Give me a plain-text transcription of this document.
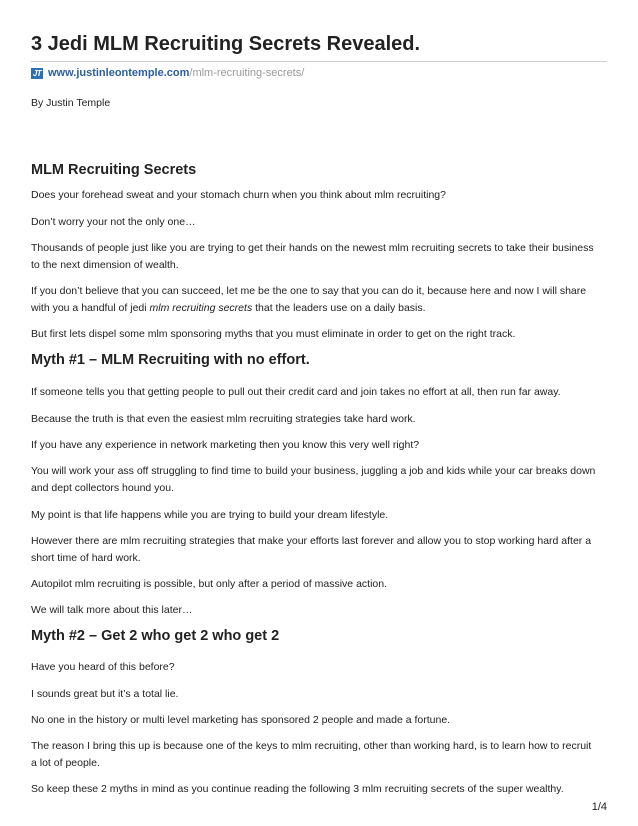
3 Jedi MLM Recruiting Secrets Revealed.
JT www.justinleontemple.com /mlm-recruiting-secrets/
By Justin Temple
MLM Recruiting Secrets

Does your forehead sweat and your stomach churn when you think about mlm recruiting?

Don’t worry your not the only one…

Thousands of people just like you are trying to get their hands on the newest mlm recruiting secrets to take their business to the next dimension of wealth.

If you don’t believe that you can succeed, let me be the one to say that you can do it, because here and now I will share with you a handful of jedi mlm recruiting secrets that the leaders use on a daily basis.

But first lets dispel some mlm sponsoring myths that you must eliminate in order to get on the right track.

Myth #1 – MLM Recruiting with no effort.

If someone tells you that getting people to pull out their credit card and join takes no effort at all, then run far away.

Because the truth is that even the easiest mlm recruiting strategies take hard work.

If you have any experience in network marketing then you know this very well right?

You will work your ass off struggling to find time to build your business, juggling a job and kids while your car breaks down and dept collectors hound you.

My point is that life happens while you are trying to build your dream lifestyle.

However there are mlm recruiting strategies that make your efforts last forever and allow you to stop working hard after a short time of hard work.

Autopilot mlm recruiting is possible, but only after a period of massive action.

We will talk more about this later…

Myth #2 – Get 2 who get 2 who get 2

Have you heard of this before?

I sounds great but it’s a total lie.

No one in the history or multi level marketing has sponsored 2 people and made a fortune.

The reason I bring this up is because one of the keys to mlm recruiting, other than working hard, is to learn how to recruit a lot of people.

So keep these 2 myths in mind as you continue reading the following 3 mlm recruiting secrets of the super wealthy.

1/4
